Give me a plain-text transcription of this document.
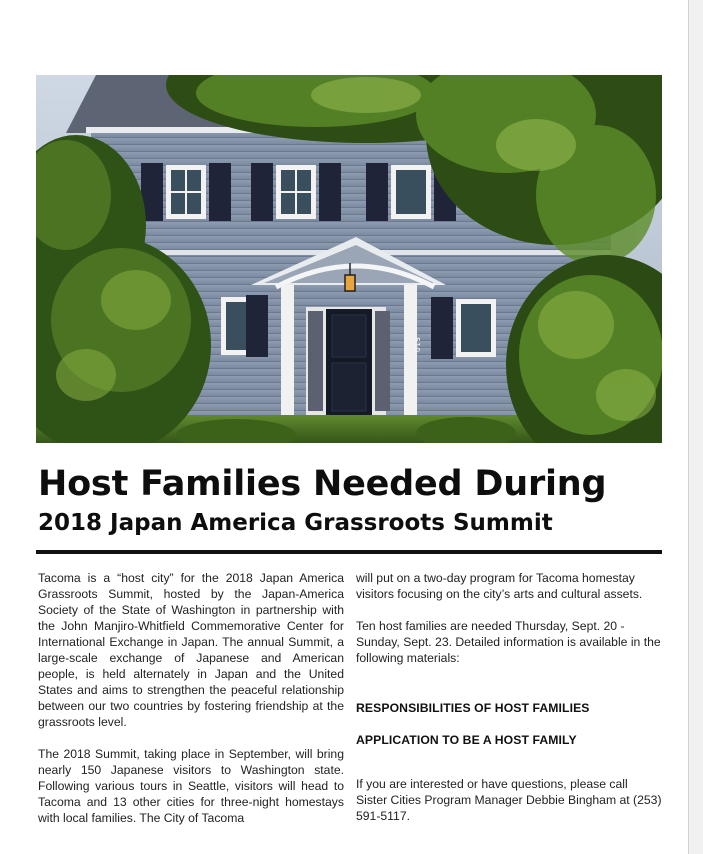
510
Host Families Needed During
2018 Japan America Grassroots Summit

Tacoma is a “host city” for the 2018 Japan America Grassroots Summit, hosted by the Japan-America Society of the State of Washington in partnership with the John Manjiro-Whitfield Commemorative Center for International Exchange in Japan. The annual Summit, a large-scale exchange of Japanese and American people, is held alternately in Japan and the United States and aims to strengthen the peaceful relationship between our two countries by fostering friendship at the grassroots level.

The 2018 Summit, taking place in September, will bring nearly 150 Japanese visitors to Washington state. Following various tours in Seattle, visitors will head to Tacoma and 13 other cities for three-night homestays with local families. The City of Tacoma

will put on a two-day program for Tacoma homestay visitors focusing on the city’s arts and cultural assets.

Ten host families are needed Thursday, Sept. 20 - Sunday, Sept. 23. Detailed information is available in the following materials:

RESPONSIBILITIES OF HOST FAMILIES

APPLICATION TO BE A HOST FAMILY

If you are interested or have questions, please call Sister Cities Program Manager Debbie Bingham at (253) 591-5117.
